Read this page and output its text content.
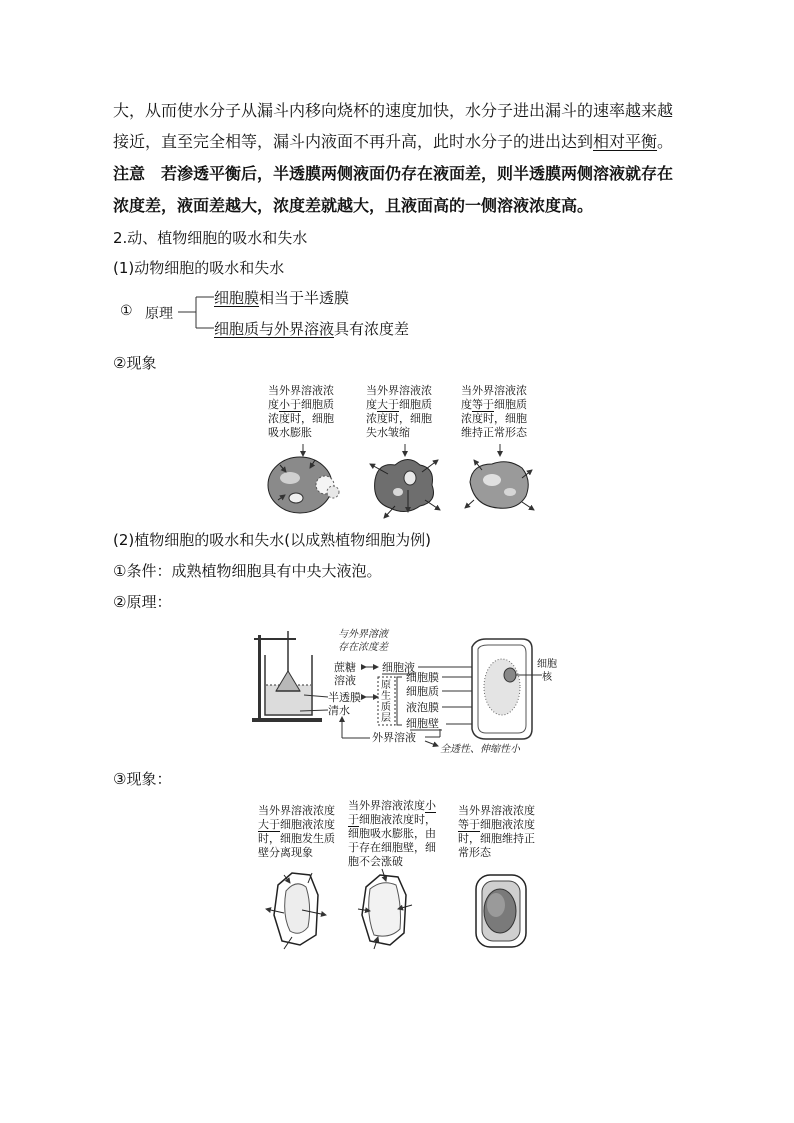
大，从而使水分子从漏斗内移向烧杯的速度加快，水分子进出漏斗的速率越来越
接近，直至完全相等，漏斗内液面不再升高，此时水分子的进出达到相对平衡。
注意　若渗透平衡后，半透膜两侧液面仍存在液面差，则半透膜两侧溶液就存在
浓度差，液面差越大，浓度差就越大，且液面高的一侧溶液浓度高。
2.动、植物细胞的吸水和失水
(1)动物细胞的吸水和失水
① 原理
细胞膜相当于半透膜
细胞质与外界溶液具有浓度差
②现象
当外界溶液浓
度小于细胞质
浓度时，细胞
吸水膨胀
当外界溶液浓
度大于细胞质
浓度时，细胞
失水皱缩
当外界溶液浓
度等于细胞质
浓度时，细胞
维持正常形态
(2)植物细胞的吸水和失水(以成熟植物细胞为例)
①条件：成熟植物细胞具有中央大液泡。
②原理：
与外界溶液
存在浓度差
蔗糖
溶液
半透膜
清水
细胞液
原
生
质
层
细胞膜
细胞质
液泡膜
细胞壁
外界溶液
全透性、伸缩性小
细胞
核
③现象：
当外界溶液浓度
大于细胞液浓度
时，细胞发生质
壁分离现象
当外界溶液浓度小
于细胞液浓度时，
细胞吸水膨胀，由
于存在细胞壁，细
胞不会涨破
当外界溶液浓度
等于细胞液浓度
时，细胞维持正
常形态
